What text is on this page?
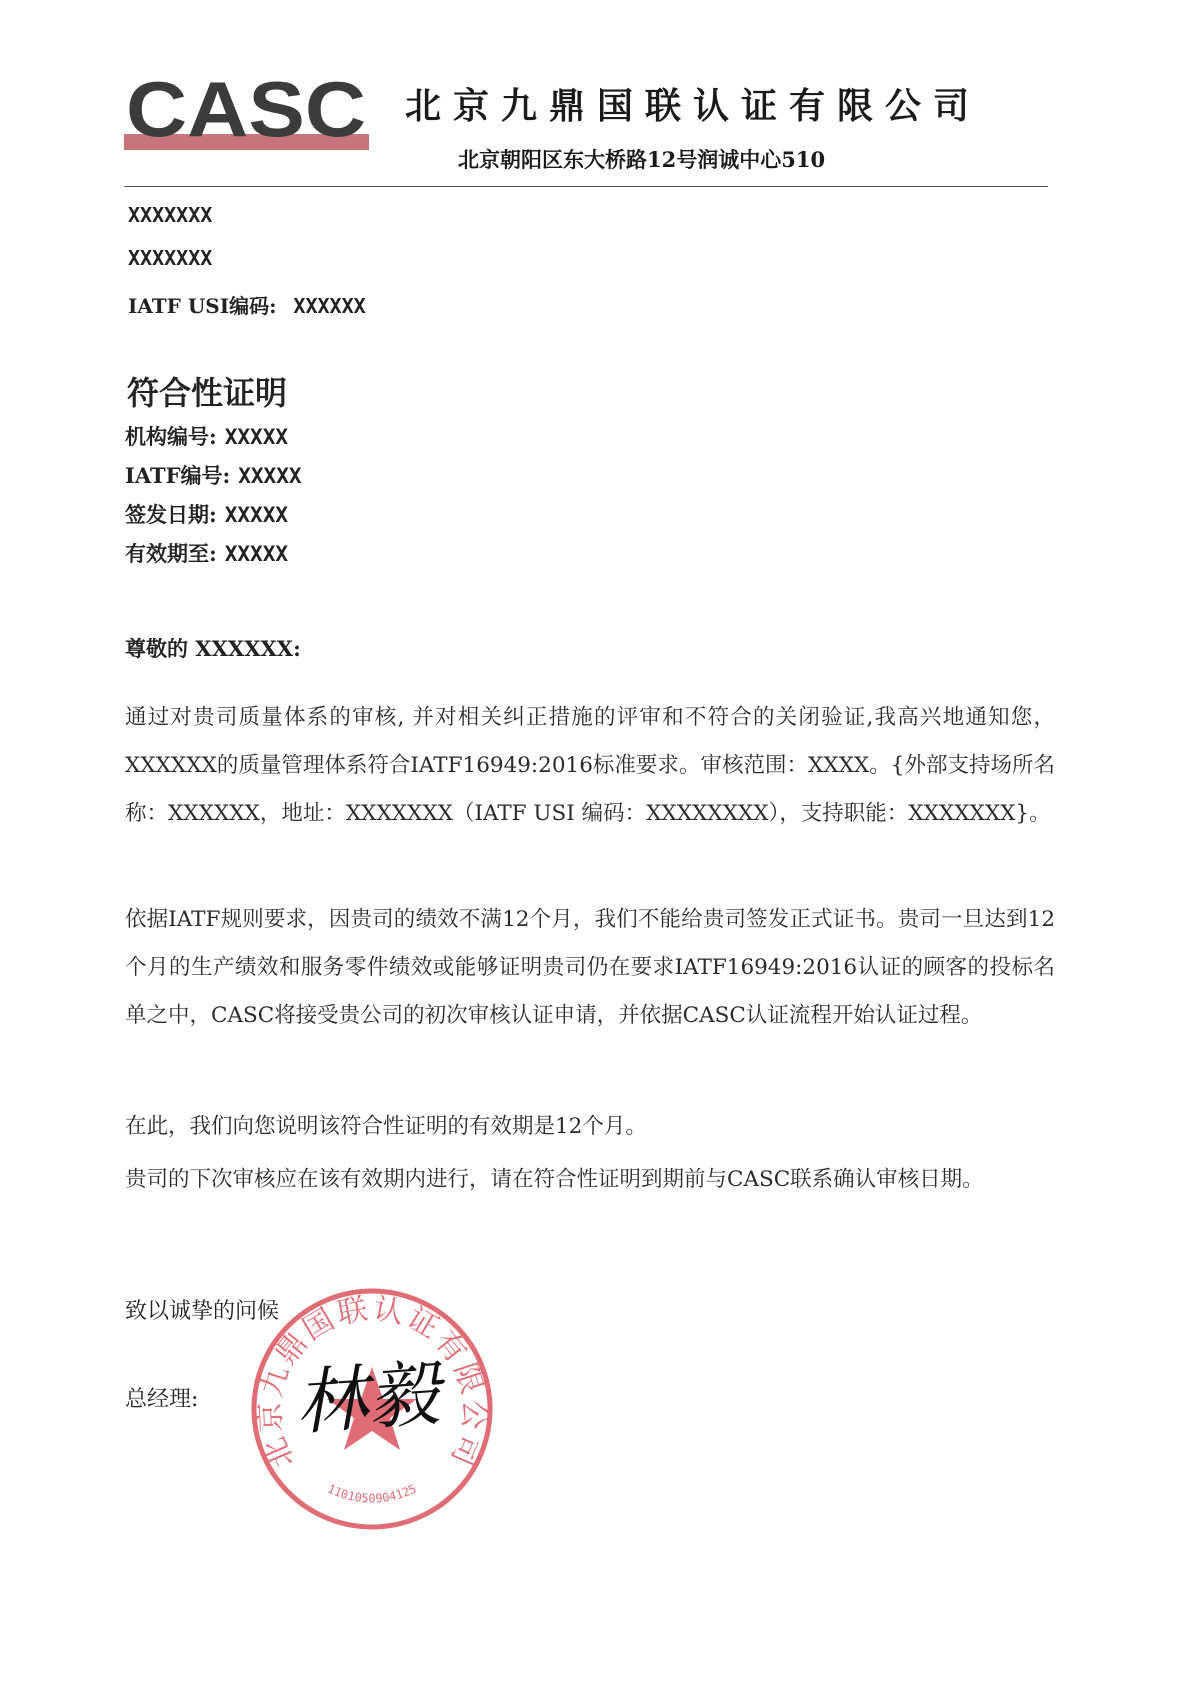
CASC 北京九鼎国联认证有限公司
北京朝阳区东大桥路12号润诚中心510
XXXXXXX
XXXXXXX
IATF USI编码: XXXXXX
符合性证明
机构编号: XXXXX
IATF编号: XXXXX
签发日期: XXXXX
有效期至: XXXXX
尊敬的 XXXXXX:
通过对贵司质量体系的审核, 并对相关纠正措施的评审和不符合的关闭验证,我高兴地通知您，XXXXXX的质量管理体系符合IATF16949:2016标准要求。审核范围：XXXX。{外部支持场所名称：XXXXXX，地址：XXXXXXX（IATF USI 编码：XXXXXXXX），支持职能：XXXXXXX}。
依据IATF规则要求，因贵司的绩效不满12个月，我们不能给贵司签发正式证书。贵司一旦达到12个月的生产绩效和服务零件绩效或能够证明贵司仍在要求IATF16949:2016认证的顾客的投标名单之中，CASC将接受贵公司的初次审核认证申请，并依据CASC认证流程开始认证过程。
在此，我们向您说明该符合性证明的有效期是12个月。
贵司的下次审核应在该有效期内进行，请在符合性证明到期前与CASC联系确认审核日期。
致以诚挚的问候
总经理:
北京九鼎国联认证有限公司
1101050904125
林毅
